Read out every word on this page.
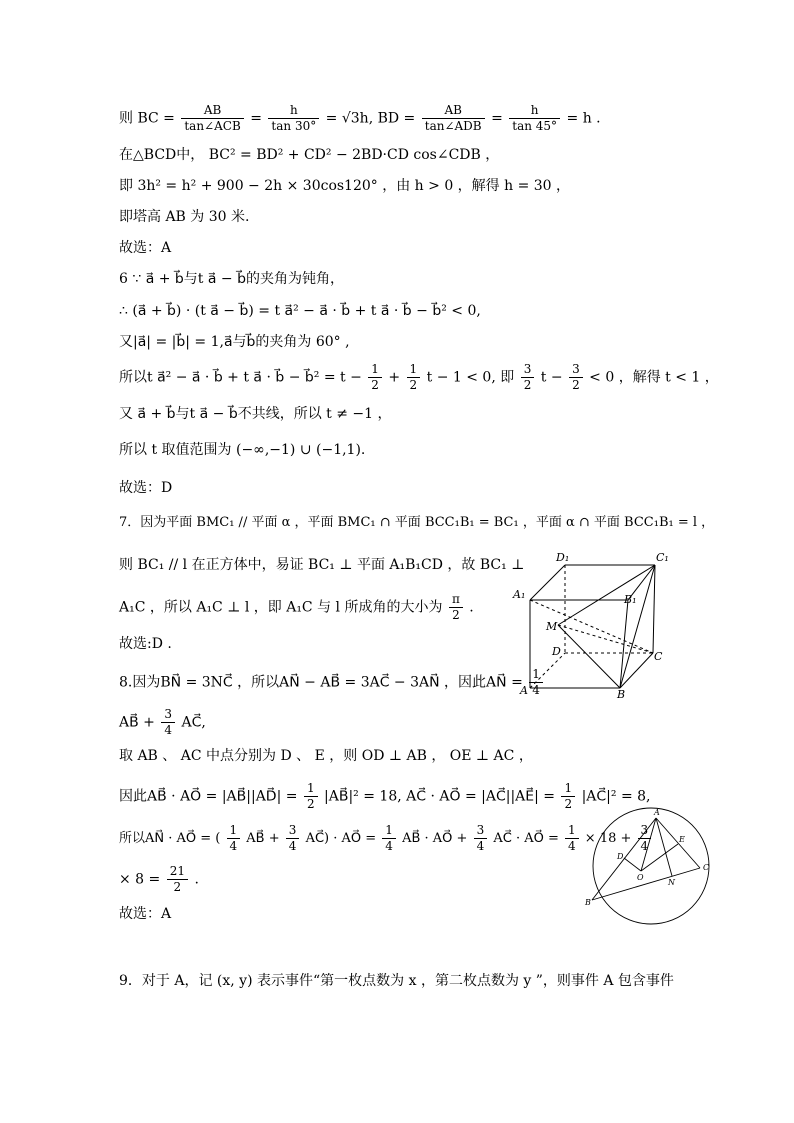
则 BC = $\frac{AB}{\text{tan∠ACB}} = \frac{h}{\tan 30^\circ} = √3h$, BD = $\frac{AB}{\text{tan∠ADB}} = \frac{h}{\tan 45^\circ} = h$ .
在△BCD中， BC² = BD² + CD² − 2BD·CD cos∠CDB ，
即 3h² = h² + 900 − 2h × 30cos120° ，由 h > 0 ，解得 h = 30 ，
即塔高 AB 为 30 米.
故选：A
6 ∵ a⃗ + b⃗与t a⃗ − b⃗的夹角为钝角，
∴ (a⃗ + b⃗) · (t a⃗ − b⃗) = t a⃗² − a⃗ · b⃗ + t a⃗ · b⃗ − b⃗² < 0,
又|a⃗| = |b⃗| = 1,a⃗与b⃗的夹角为 60° ,
所以t a⃗² − a⃗ · b⃗ + t a⃗ · b⃗ − b⃗² = $t - \frac{1}{2} + \frac{1}{2}$ t − 1 < 0, 即 $\frac{3}{2}$ $t - \frac{3}{2} < 0$ ，解得 t < 1 ，
又 a⃗ + b⃗与t a⃗ − b⃗不共线，所以 t ≠ −1 ，
所以 t 取值范围为 (−∞,−1) ∪ (−1,1).
故选：D
7．因为平面 BMC₁ // 平面 α ，平面 BMC₁ ∩ 平面 BCC₁B₁ = BC₁ ，平面 α ∩ 平面 BCC₁B₁ = l ，
则 BC₁ // l 在正方体中，易证 BC₁ ⊥ 平面 A₁B₁CD ，故 BC₁ ⊥
A₁C ，所以 A₁C ⊥ l ，即 A₁C 与 l 所成角的大小为 $\frac{\pi}{2}$ .
故选:D .
8.因为BN⃗ = 3NC⃗ ，所以AN⃗ − AB⃗ = 3AC⃗ − 3AN⃗ ，因此AN⃗ = $\frac{1}{4}$
AB⃗ + $\frac{3}{4}$ AC⃗,
取 AB 、 AC 中点分别为 D 、 E ，则 OD ⊥ AB ， OE ⊥ AC ，
因此AB⃗ · AO⃗ = |AB⃗||AD⃗| = $\frac{1}{2}$ |AB⃗|² = 18, AC⃗ · AO⃗ = |AC⃗||AE⃗| = $\frac{1}{2}$ |AC⃗|² = 8,
所以AN⃗ · AO⃗ = ( $\frac{1}{4}$ AB⃗ + $\frac{3}{4}$ AC⃗) · AO⃗ = $\frac{1}{4}$ AB⃗ · AO⃗ + $\frac{3}{4}$ AC⃗ · AO⃗ = $\frac{1}{4} \times 18 + \frac{3}{4}$
× $8 = \frac{21}{2}$ .
故选：A
9．对于 A，记 (x, y) 表示事件“第一枚点数为 x ，第二枚点数为 y ”，则事件 A 包含事件
D₁	C₁
A₁	B₁
M
D	C
A	B
A
E
D
O
N
C
B
